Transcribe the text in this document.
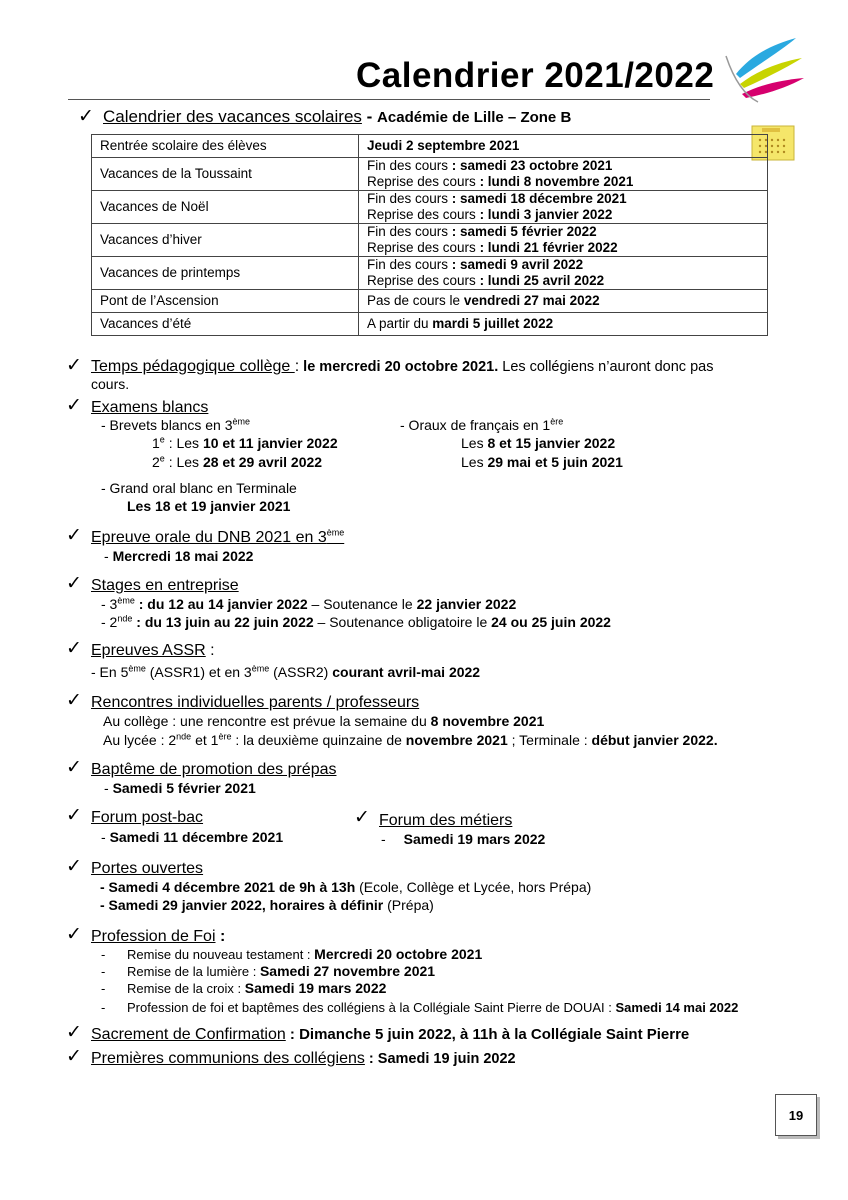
Calendrier 2021/2022
✓ Calendrier des vacances scolaires - Académie de Lille – Zone B
Rentrée scolaire des élèves	Jeudi 2 septembre 2021
Vacances de la Toussaint	Fin des cours : samedi 23 octobre 2021
Reprise des cours : lundi 8 novembre 2021
Vacances de Noël	Fin des cours : samedi 18 décembre 2021
Reprise des cours : lundi 3 janvier 2022
Vacances d’hiver	Fin des cours : samedi 5 février 2022
Reprise des cours : lundi 21 février 2022
Vacances de printemps	Fin des cours : samedi 9 avril 2022
Reprise des cours : lundi 25 avril 2022
Pont de l’Ascension	Pas de cours le vendredi 27 mai 2022
Vacances d’été	A partir du mardi 5 juillet 2022
✓ Temps pédagogique collège : le mercredi 20 octobre 2021. Les collégiens n’auront donc pas
cours.
✓ Examens blancs
- Brevets blancs en 3ème
1e : Les 10 et 11 janvier 2022
2e : Les 28 et 29 avril 2022
- Oraux de français en 1ère
Les 8 et 15 janvier 2022
Les 29 mai et 5 juin 2021
- Grand oral blanc en Terminale
Les 18 et 19 janvier 2021
✓ Epreuve orale du DNB 2021 en 3ème
- Mercredi 18 mai 2022
✓ Stages en entreprise
- 3ème : du 12 au 14 janvier 2022 – Soutenance le 22 janvier 2022
- 2nde : du 13 juin au 22 juin 2022 – Soutenance obligatoire le 24 ou 25 juin 2022
✓ Epreuves ASSR :
- En 5ème (ASSR1) et en 3ème (ASSR2) courant avril-mai 2022
✓ Rencontres individuelles parents / professeurs
Au collège : une rencontre est prévue la semaine du 8 novembre 2021
Au lycée : 2nde et 1ère : la deuxième quinzaine de novembre 2021 ; Terminale : début janvier 2022.
✓ Baptême de promotion des prépas
- Samedi 5 février 2021
✓ Forum post-bac
- Samedi 11 décembre 2021
✓ Forum des métiers
- Samedi 19 mars 2022
✓ Portes ouvertes
- Samedi 4 décembre 2021 de 9h à 13h (Ecole, Collège et Lycée, hors Prépa)
- Samedi 29 janvier 2022, horaires à définir (Prépa)
✓ Profession de Foi :
- Remise du nouveau testament : Mercredi 20 octobre 2021
- Remise de la lumière : Samedi 27 novembre 2021
- Remise de la croix : Samedi 19 mars 2022
- Profession de foi et baptêmes des collégiens à la Collégiale Saint Pierre de DOUAI : Samedi 14 mai 2022
✓ Sacrement de Confirmation : Dimanche 5 juin 2022, à 11h à la Collégiale Saint Pierre
✓ Premières communions des collégiens : Samedi 19 juin 2022
19
